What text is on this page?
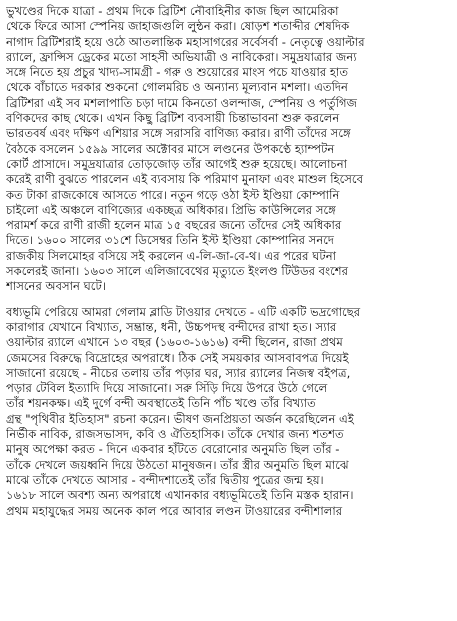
ভুখণ্ডের দিকে যাত্রা - প্রথম দিকে ব্রিটিশ নৌবাহিনীর কাজ ছিল আমেরিকা
থেকে ফিরে আসা স্পেনিয় জাহাজগুলি লুন্ঠন করা। ষোড়শ শতাব্দীর শেষদিক
নাগাদ ব্রিটিশরাই হয়ে ওঠে আতলান্তিক মহাসাগরের সর্বেসর্বা - নেতৃত্বে ওয়াল্টার
র‍্যালে, ফ্রান্সিস ড্রেকের মতো সাহসী অভিযাত্রী ও নাবিকেরা। সমুদ্রযাত্রার জন্য
সঙ্গে নিতে হয় প্রচুর খাদ্য-সামগ্রী - গরু ও শুয়োরের মাংস পচে যাওয়ার হাত
থেকে বাঁচাতে দরকার শুকনো গোলমরিচ ও অন্যান্য মূল্যবান মশলা। এতদিন
ব্রিটিশরা এই সব মশলাপাতি চড়া দামে কিনতো ওলন্দাজ, স্পেনিয় ও পর্তুগিজ
বণিকদের কাছ থেকে। এখন কিছু ব্রিটিশ ব্যবসায়ী চিন্তাভাবনা শুরু করলেন
ভারতবর্ষ এবং দক্ষিণ এশিয়ার সঙ্গে সরাসরি বাণিজ্য করার। রাণী তাঁদের সঙ্গে
বৈঠকে বসলেন ১৫৯৯ সালের অক্টোবর মাসে লণ্ডনের উপকণ্ঠে হ্যাম্পটন
কোর্ট প্রাসাদে। সমুদ্রযাত্রার তোড়জোড় তাঁর আগেই শুরু হয়েছে। আলোচনা
করেই রাণী বুঝতে পারলেন এই ব্যবসায় কি পরিমাণ মুনাফা এবং মাশুল হিসেবে
কত টাকা রাজকোষে আসতে পারে। নতুন গড়ে ওঠা ইস্ট ইণ্ডিয়া কোম্পানি
চাইলো এই অঞ্চলে বাণিজ্যের একচ্ছত্র অধিকার। প্রিভি কাউন্সিলের সঙ্গে
পরামর্শ করে রাণী রাজী হলেন মাত্র ১৫ বছরের জন্যে তাঁদের সেই অধিকার
দিতে। ১৬০০ সালের ৩১শে ডিসেম্বর তিনি ইস্ট ইণ্ডিয়া কোম্পানির সনদে
রাজকীয় সিলমোহর বসিয়ে সই করলেন এ-লি-জা-বে-থ। এর পরের ঘটনা
সকলেরই জানা। ১৬০৩ সালে এলিজাবেথের মৃত্যুতে ইংলণ্ড টিউডর বংশের
শাসনের অবসান ঘটে।
বধ্যভূমি পেরিয়ে আমরা গেলাম ব্লাডি টাওয়ার দেখতে - এটি একটি ভদ্রগোছের
কারাগার যেখানে বিখ্যাত, সম্ভ্রান্ত, ধনী, উচ্চপদস্থ বন্দীদের রাখা হত। স্যার
ওয়াল্টার র‍্যালে এখানে ১৩ বছর (১৬০৩-১৬১৬) বন্দী ছিলেন, রাজা প্রথম
জেমসের বিরুদ্ধে বিদ্রোহের অপরাধে। ঠিক সেই সময়কার আসবাবপত্র দিয়েই
সাজানো রয়েছে - নীচের তলায় তাঁর পড়ার ঘর, স্যার র‍্যালের নিজস্ব বইপত্র,
পড়ার টেবিল ইত্যাদি দিয়ে সাজানো। সরু সিঁড়ি দিয়ে উপরে উঠে গেলে
তাঁর শয়নকক্ষ। এই দুর্গে বন্দী অবস্থাতেই তিনি পাঁচ খণ্ডে তাঁর বিখ্যাত
গ্রন্থ "পৃথিবীর ইতিহাস" রচনা করেন। ভীষণ জনপ্রিয়তা অর্জন করেছিলেন এই
নির্ভীক নাবিক, রাজসভাসদ, কবি ও ঐতিহাসিক। তাঁকে দেখার জন্য শতশত
মানুষ অপেক্ষা করত - দিনে একবার হাঁটতে বেরোনোর অনুমতি ছিল তাঁর -
তাঁকে দেখলে জয়ধ্বনি দিয়ে উঠতো মানুষজন। তাঁর স্ত্রীর অনুমতি ছিল মাঝে
মাঝে তাঁকে দেখতে আসার - বন্দীদশাতেই তাঁর দ্বিতীয় পুত্রের জন্ম হয়।
১৬১৮ সালে অবশ্য অন্য অপরাধে এখানকার বধ্যভূমিতেই তিনি মস্তক হারান।
প্রথম মহাযুদ্ধের সময় অনেক কাল পরে আবার লণ্ডন টাওয়ারের বন্দীশালার
